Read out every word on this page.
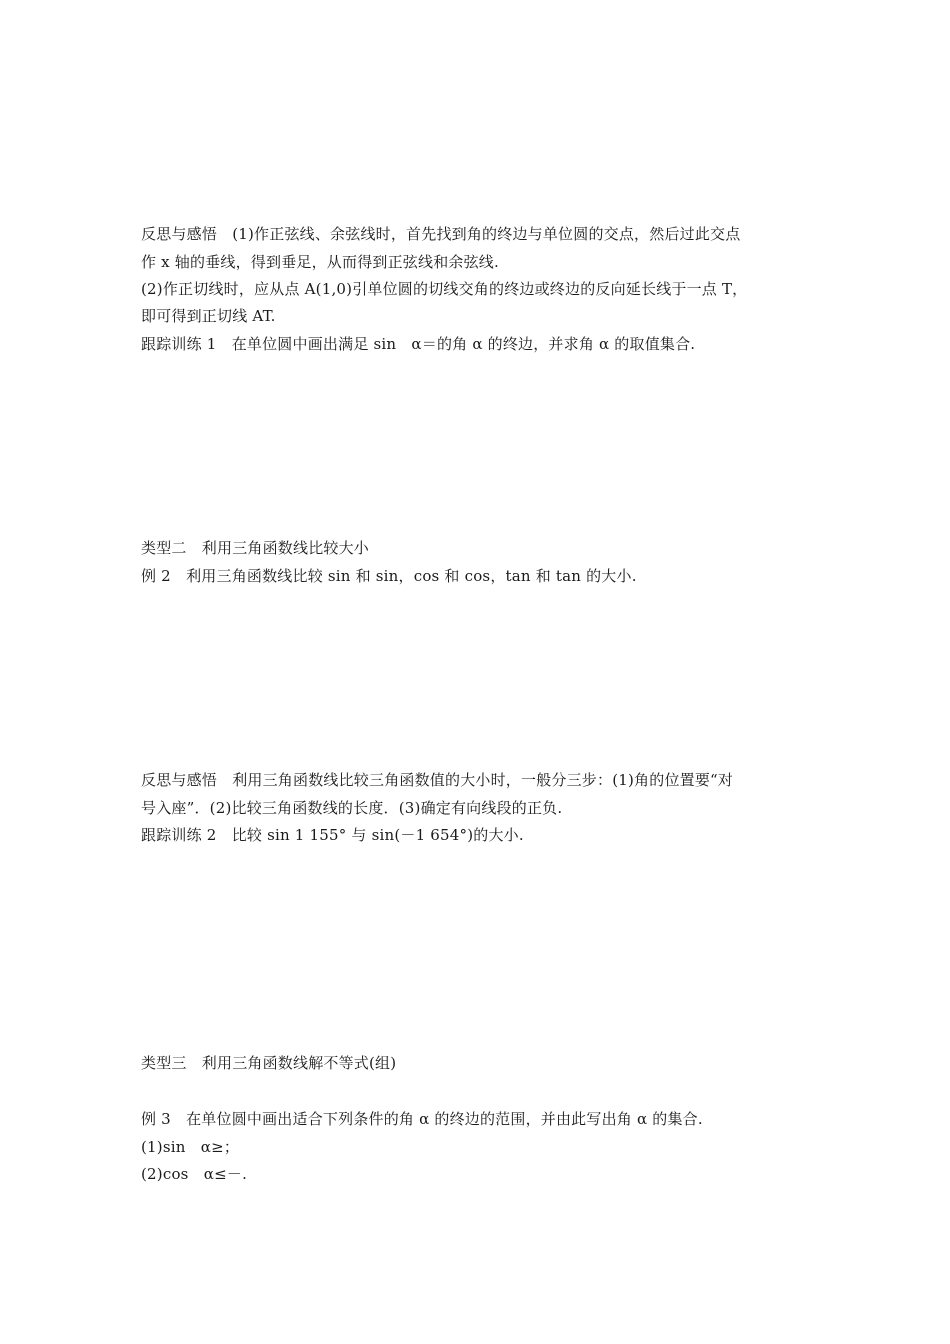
反思与感悟　(1)作正弦线、余弦线时，首先找到角的终边与单位圆的交点，然后过此交点
作 x 轴的垂线，得到垂足，从而得到正弦线和余弦线.
(2)作正切线时，应从点 A(1,0)引单位圆的切线交角的终边或终边的反向延长线于一点 T，
即可得到正切线 AT.
跟踪训练 1　在单位圆中画出满足 sin　α＝的角 α 的终边，并求角 α 的取值集合.
类型二　利用三角函数线比较大小
例 2　利用三角函数线比较 sin 和 sin，cos 和 cos，tan 和 tan 的大小.
反思与感悟　利用三角函数线比较三角函数值的大小时，一般分三步：(1)角的位置要“对
号入座”．(2)比较三角函数线的长度．(3)确定有向线段的正负.
跟踪训练 2　比较 sin 1 155° 与 sin(－1 654°)的大小.
类型三　利用三角函数线解不等式(组)
例 3　在单位圆中画出适合下列条件的角 α 的终边的范围，并由此写出角 α 的集合.
(1)sin　α≥；
(2)cos　α≤－.
